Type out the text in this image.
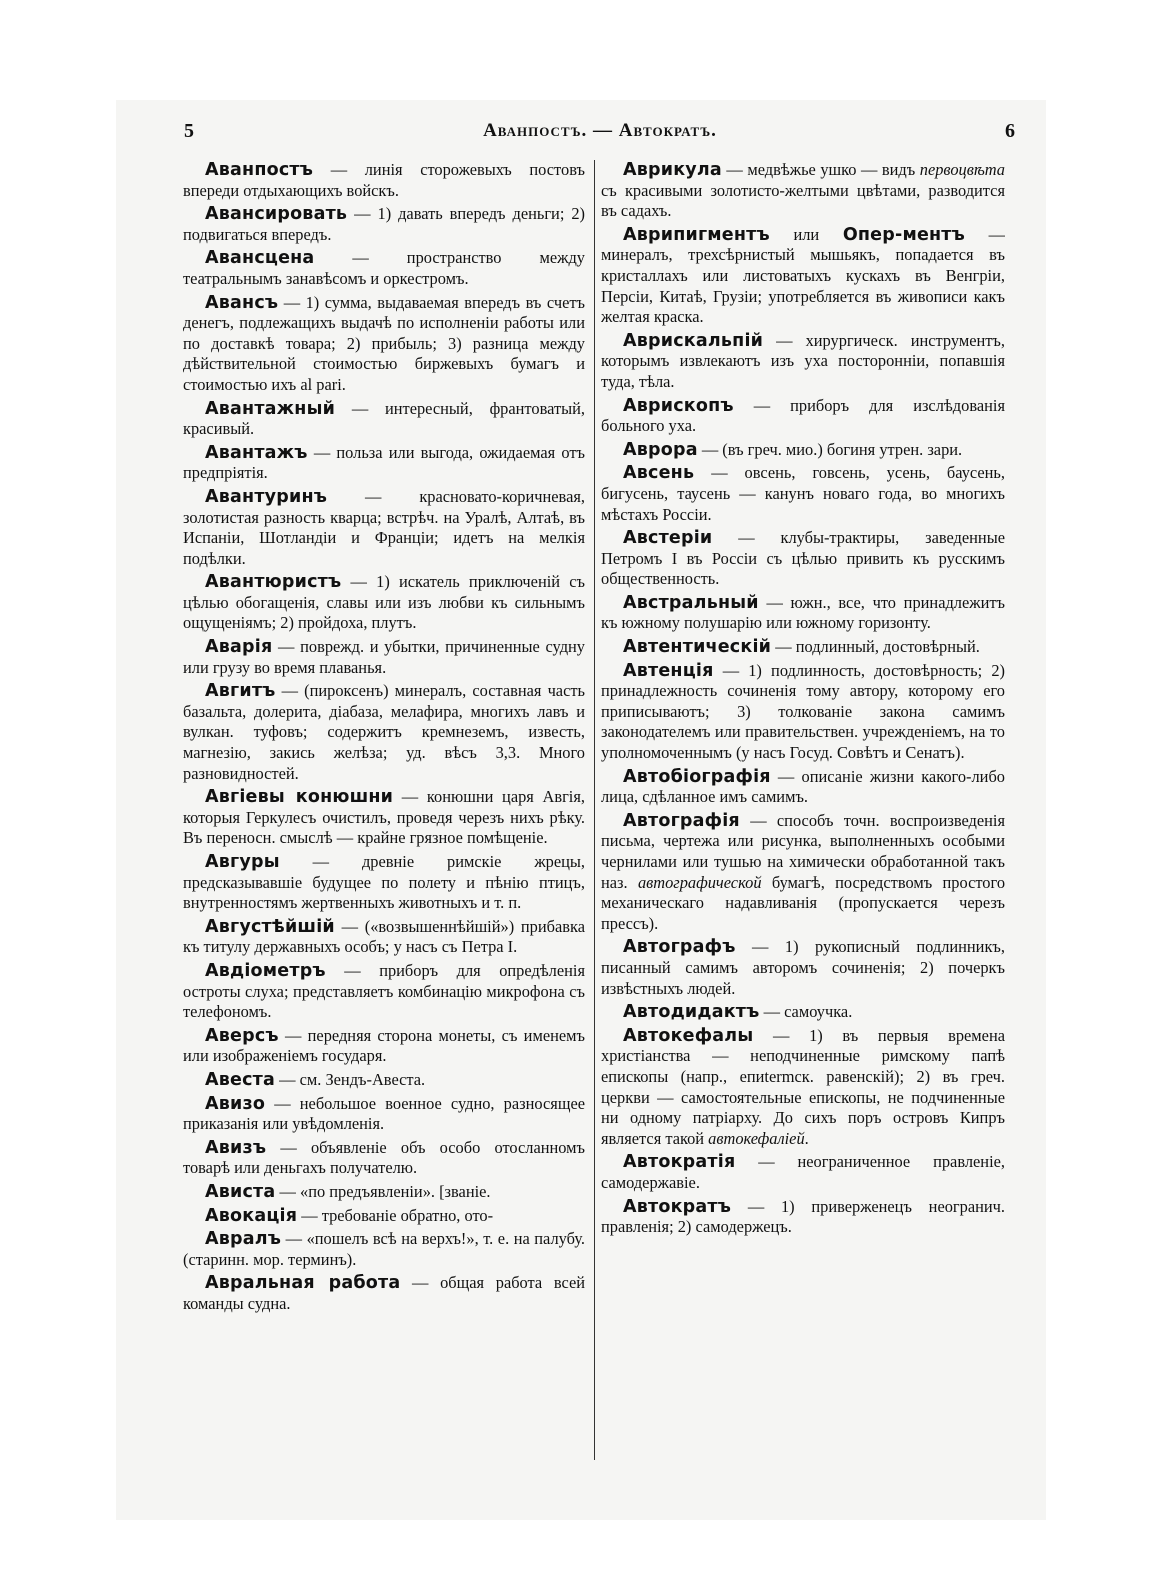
5	Аванпостъ. — Автократъ.	6

Аванпостъ — линія сторожевыхъ постовъ впереди отдыхающихъ войскъ.

Авансировать — 1) давать впередъ деньги; 2) подвигаться впередъ.

Авансцена — пространство между театральнымъ занавѣсомъ и оркестромъ.

Авансъ — 1) сумма, выдаваемая впередъ въ счетъ денегъ, подлежащихъ выдачѣ по исполненіи работы или по доставкѣ товара; 2) прибыль; 3) разница между дѣйствительной стоимостью биржевыхъ бумагъ и стоимостью ихъ al pari.

Авантажный — интересный, франтоватый, красивый.

Авантажъ — польза или выгода, ожидаемая отъ предпріятія.

Авантуринъ — красновато-коричневая, золотистая разность кварца; встрѣч. на Уралѣ, Алтаѣ, въ Испаніи, Шотландіи и Франціи; идетъ на мелкія подѣлки.

Авантюристъ — 1) искатель приключеній съ цѣлью обогащенія, славы или изъ любви къ сильнымъ ощущеніямъ; 2) пройдоха, плутъ.

Аварія — поврежд. и убытки, причиненные судну или грузу во время плаванья.

Авгитъ — (пироксенъ) минералъ, составная часть базальта, долерита, діабаза, мелафира, многихъ лавъ и вулкан. туфовъ; содержитъ кремнеземъ, известь, магнезію, закись желѣза; уд. вѣсъ 3,3. Много разновидностей.

Авгіевы конюшни — конюшни царя Авгія, которыя Геркулесъ очистилъ, проведя черезъ нихъ рѣку. Въ переносн. смыслѣ — крайне грязное помѣщеніе.

Авгуры — древніе римскіе жрецы, предсказывавшіе будущее по полету и пѣнію птицъ, внутренностямъ жертвенныхъ животныхъ и т. п.

Августѣйшій — («возвышеннѣйшій») прибавка къ титулу державныхъ особъ; у насъ съ Петра I.

Авдіометръ — приборъ для опредѣленія остроты слуха; представляетъ комбинацію микрофона съ телефономъ.

Аверсъ — передняя сторона монеты, съ именемъ или изображеніемъ государя.

Авеста — см. Зендъ-Авеста.

Авизо — небольшое военное судно, разносящее приказанія или увѣдомленія.

Авизъ — объявленіе объ особо отосланномъ товарѣ или деньгахъ получателю.

Ависта — «по предъявленіи». [званіе.

Авокація — требованіе обратно, ото-

Авралъ — «пошелъ всѣ на верхъ!», т. е. на палубу. (старинн. мор. терминъ).

Авральная работа — общая работа всей команды судна.

Аврикула — медвѣжье ушко — видъ первоцвѣта съ красивыми золотисто-желтыми цвѣтами, разводится въ садахъ.

Аврипигментъ или Опер-ментъ — минералъ, трехсѣрнистый мышьякъ, попадается въ кристаллахъ или листоватыхъ кускахъ въ Венгріи, Персіи, Китаѣ, Грузіи; употребляется въ живописи какъ желтая краска.

Аврискальпій — хирургическ. инструментъ, которымъ извлекаютъ изъ уха посторонніи, попавшія туда, тѣла.

Аврископъ — приборъ для изслѣдованія больного уха.

Аврора — (въ греч. мио.) богиня утрен. зари.

Авсень — овсень, говсень, усень, баусень, бигусень, таусень — канунъ новаго года, во многихъ мѣстахъ Россіи.

Австеріи — клубы-трактиры, заведенные Петромъ I въ Россіи съ цѣлью привить къ русскимъ общественность.

Австральный — южн., все, что принадлежитъ къ южному полушарію или южному горизонту.

Автентическій — подлинный, достовѣрный.

Автенція — 1) подлинность, достовѣрность; 2) принадлежность сочиненія тому автору, которому его приписываютъ; 3) толкованіе закона самимъ законодателемъ или правительствен. учрежденіемъ, на то уполномоченнымъ (у насъ Госуд. Совѣтъ и Сенатъ).

Автобіографія — описаніе жизни какого-либо лица, сдѣланное имъ самимъ.

Автографія — способъ точн. воспроизведенія письма, чертежа или рисунка, выполненныхъ особыми чернилами или тушью на химически обработанной такъ наз. автографической бумагѣ, посредствомъ простого механическаго надавливанія (пропускается черезъ прессъ).

Автографъ — 1) рукописный подлинникъ, писанный самимъ авторомъ сочиненія; 2) почеркъ извѣстныхъ людей.

Автодидактъ — самоучка.

Автокефалы — 1) въ первыя времена христіанства — неподчиненные римскому папѣ епископы (напр., епиtermск. равенскій); 2) въ греч. церкви — самостоятельные епископы, не подчиненные ни одному патріарху. До сихъ поръ островъ Кипръ является такой автокефаліей.

Автократія — неограниченное правленіе, самодержавіе.

Автократъ — 1) приверженецъ неогранич. правленія; 2) самодержецъ.
